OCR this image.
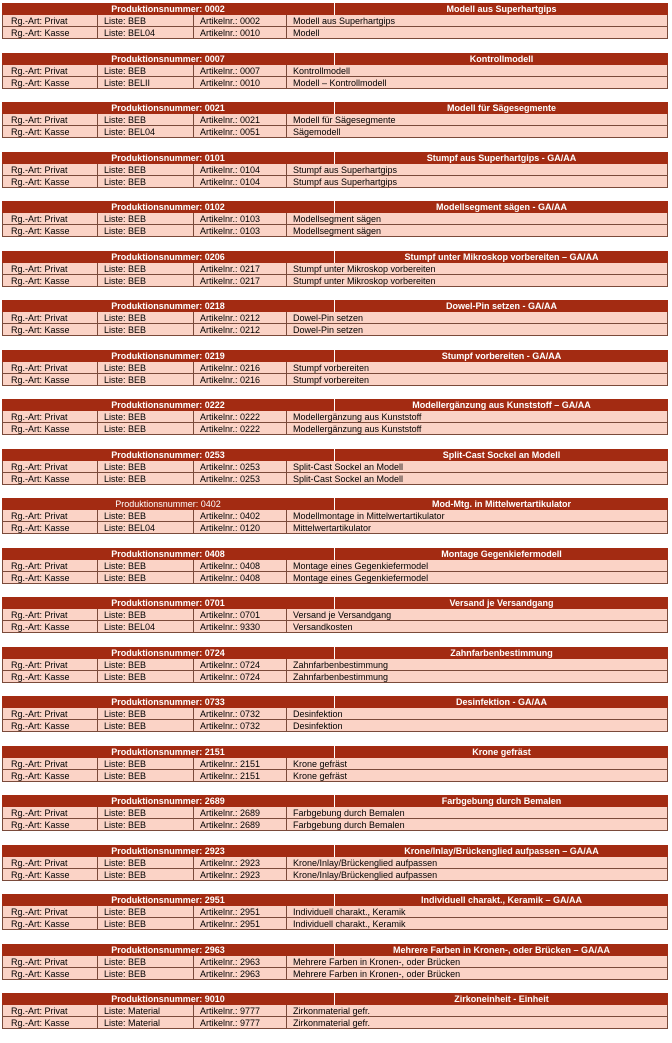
Produktionsnummer: 0002	Modell aus Superhartgips
Rg.-Art: Privat	Liste: BEB	Artikelnr.: 0002	Modell aus Superhartgips
Rg.-Art: Kasse	Liste: BEL04	Artikelnr.: 0010	Modell
Produktionsnummer: 0007	Kontrollmodell
Rg.-Art: Privat	Liste: BEB	Artikelnr.: 0007	Kontrollmodell
Rg.-Art: Kasse	Liste: BELII	Artikelnr.: 0010	Modell – Kontrollmodell
Produktionsnummer: 0021	Modell für Sägesegmente
Rg.-Art: Privat	Liste: BEB	Artikelnr.: 0021	Modell für Sägesegmente
Rg.-Art: Kasse	Liste: BEL04	Artikelnr.: 0051	Sägemodell
Produktionsnummer: 0101	Stumpf aus Superhartgips - GA/AA
Rg.-Art: Privat	Liste: BEB	Artikelnr.: 0104	Stumpf aus Superhartgips
Rg.-Art: Kasse	Liste: BEB	Artikelnr.: 0104	Stumpf aus Superhartgips
Produktionsnummer: 0102	Modellsegment sägen - GA/AA
Rg.-Art: Privat	Liste: BEB	Artikelnr.: 0103	Modellsegment sägen
Rg.-Art: Kasse	Liste: BEB	Artikelnr.: 0103	Modellsegment sägen
Produktionsnummer: 0206	Stumpf unter Mikroskop vorbereiten – GA/AA
Rg.-Art: Privat	Liste: BEB	Artikelnr.: 0217	Stumpf unter Mikroskop vorbereiten
Rg.-Art: Kasse	Liste: BEB	Artikelnr.: 0217	Stumpf unter Mikroskop vorbereiten
Produktionsnummer: 0218	Dowel-Pin setzen - GA/AA
Rg.-Art: Privat	Liste: BEB	Artikelnr.: 0212	Dowel-Pin setzen
Rg.-Art: Kasse	Liste: BEB	Artikelnr.: 0212	Dowel-Pin setzen
Produktionsnummer: 0219	Stumpf vorbereiten - GA/AA
Rg.-Art: Privat	Liste: BEB	Artikelnr.: 0216	Stumpf vorbereiten
Rg.-Art: Kasse	Liste: BEB	Artikelnr.: 0216	Stumpf vorbereiten
Produktionsnummer: 0222	Modellergänzung aus Kunststoff – GA/AA
Rg.-Art: Privat	Liste: BEB	Artikelnr.: 0222	Modellergänzung aus Kunststoff
Rg.-Art: Kasse	Liste: BEB	Artikelnr.: 0222	Modellergänzung aus Kunststoff
Produktionsnummer: 0253	Split-Cast Sockel an Modell
Rg.-Art: Privat	Liste: BEB	Artikelnr.: 0253	Split-Cast Sockel an Modell
Rg.-Art: Kasse	Liste: BEB	Artikelnr.: 0253	Split-Cast Sockel an Modell
Produktionsnummer: 0402	Mod-Mtg. in Mittelwertartikulator
Rg.-Art: Privat	Liste: BEB	Artikelnr.: 0402	Modellmontage in Mittelwertartikulator
Rg.-Art: Kasse	Liste: BEL04	Artikelnr.: 0120	Mittelwertartikulator
Produktionsnummer: 0408	Montage Gegenkiefermodell
Rg.-Art: Privat	Liste: BEB	Artikelnr.: 0408	Montage eines Gegenkiefermodel
Rg.-Art: Kasse	Liste: BEB	Artikelnr.: 0408	Montage eines Gegenkiefermodel
Produktionsnummer: 0701	Versand je Versandgang
Rg.-Art: Privat	Liste: BEB	Artikelnr.: 0701	Versand je Versandgang
Rg.-Art: Kasse	Liste: BEL04	Artikelnr.: 9330	Versandkosten
Produktionsnummer: 0724	Zahnfarbenbestimmung
Rg.-Art: Privat	Liste: BEB	Artikelnr.: 0724	Zahnfarbenbestimmung
Rg.-Art: Kasse	Liste: BEB	Artikelnr.: 0724	Zahnfarbenbestimmung
Produktionsnummer: 0733	Desinfektion - GA/AA
Rg.-Art: Privat	Liste: BEB	Artikelnr.: 0732	Desinfektion
Rg.-Art: Kasse	Liste: BEB	Artikelnr.: 0732	Desinfektion
Produktionsnummer: 2151	Krone gefräst
Rg.-Art: Privat	Liste: BEB	Artikelnr.: 2151	Krone gefräst
Rg.-Art: Kasse	Liste: BEB	Artikelnr.: 2151	Krone gefräst
Produktionsnummer: 2689	Farbgebung durch Bemalen
Rg.-Art: Privat	Liste: BEB	Artikelnr.: 2689	Farbgebung durch Bemalen
Rg.-Art: Kasse	Liste: BEB	Artikelnr.: 2689	Farbgebung durch Bemalen
Produktionsnummer: 2923	Krone/Inlay/Brückenglied aufpassen – GA/AA
Rg.-Art: Privat	Liste: BEB	Artikelnr.: 2923	Krone/Inlay/Brückenglied aufpassen
Rg.-Art: Kasse	Liste: BEB	Artikelnr.: 2923	Krone/Inlay/Brückenglied aufpassen
Produktionsnummer: 2951	Individuell charakt., Keramik – GA/AA
Rg.-Art: Privat	Liste: BEB	Artikelnr.: 2951	Individuell charakt., Keramik
Rg.-Art: Kasse	Liste: BEB	Artikelnr.: 2951	Individuell charakt., Keramik
Produktionsnummer: 2963	Mehrere Farben in Kronen-, oder Brücken – GA/AA
Rg.-Art: Privat	Liste: BEB	Artikelnr.: 2963	Mehrere Farben in Kronen-, oder Brücken
Rg.-Art: Kasse	Liste: BEB	Artikelnr.: 2963	Mehrere Farben in Kronen-, oder Brücken
Produktionsnummer: 9010	Zirkoneinheit - Einheit
Rg.-Art: Privat	Liste: Material	Artikelnr.: 9777	Zirkonmaterial gefr.
Rg.-Art: Kasse	Liste: Material	Artikelnr.: 9777	Zirkonmaterial gefr.
